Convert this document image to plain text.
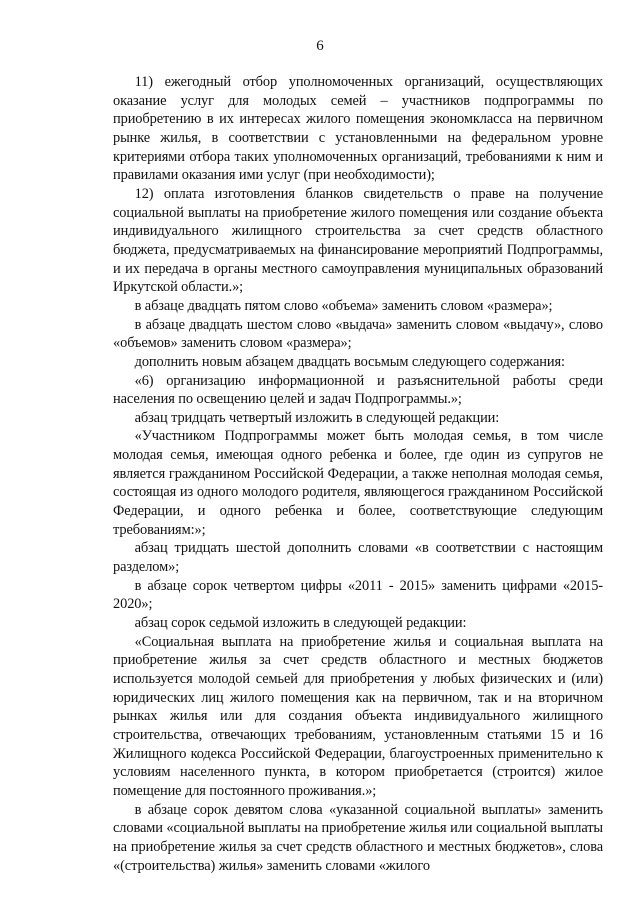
6

11) ежегодный отбор уполномоченных организаций, осуществляющих оказание услуг для молодых семей – участников подпрограммы по приобретению в их интересах жилого помещения экономкласса на первичном рынке жилья, в соответствии с установленными на федеральном уровне критериями отбора таких уполномоченных организаций, требованиями к ним и правилами оказания ими услуг (при необходимости);

12) оплата изготовления бланков свидетельств о праве на получение социальной выплаты на приобретение жилого помещения или создание объекта индивидуального жилищного строительства за счет средств областного бюджета, предусматриваемых на финансирование мероприятий Подпрограммы, и их передача в органы местного самоуправления муниципальных образований Иркутской области.»;

в абзаце двадцать пятом слово «объема» заменить словом «размера»;

в абзаце двадцать шестом слово «выдача» заменить словом «выдачу», слово «объемов» заменить словом «размера»;

дополнить новым абзацем двадцать восьмым следующего содержания:

«6) организацию информационной и разъяснительной работы среди населения по освещению целей и задач Подпрограммы.»;

абзац тридцать четвертый изложить в следующей редакции:

«Участником Подпрограммы может быть молодая семья, в том числе молодая семья, имеющая одного ребенка и более, где один из супругов не является гражданином Российской Федерации, а также неполная молодая семья, состоящая из одного молодого родителя, являющегося гражданином Российской Федерации, и одного ребенка и более, соответствующие следующим требованиям:»;

абзац тридцать шестой дополнить словами «в соответствии с настоящим разделом»;

в абзаце сорок четвертом цифры «2011 - 2015» заменить цифрами «2015-2020»;

абзац сорок седьмой изложить в следующей редакции:

«Социальная выплата на приобретение жилья и социальная выплата на приобретение жилья за счет средств областного и местных бюджетов используется молодой семьей для приобретения у любых физических и (или) юридических лиц жилого помещения как на первичном, так и на вторичном рынках жилья или для создания объекта индивидуального жилищного строительства, отвечающих требованиям, установленным статьями 15 и 16 Жилищного кодекса Российской Федерации, благоустроенных применительно к условиям населенного пункта, в котором приобретается (строится) жилое помещение для постоянного проживания.»;

в абзаце сорок девятом слова «указанной социальной выплаты» заменить словами «социальной выплаты на приобретение жилья или социальной выплаты на приобретение жилья за счет средств областного и местных бюджетов», слова «(строительства) жилья» заменить словами «жилого
